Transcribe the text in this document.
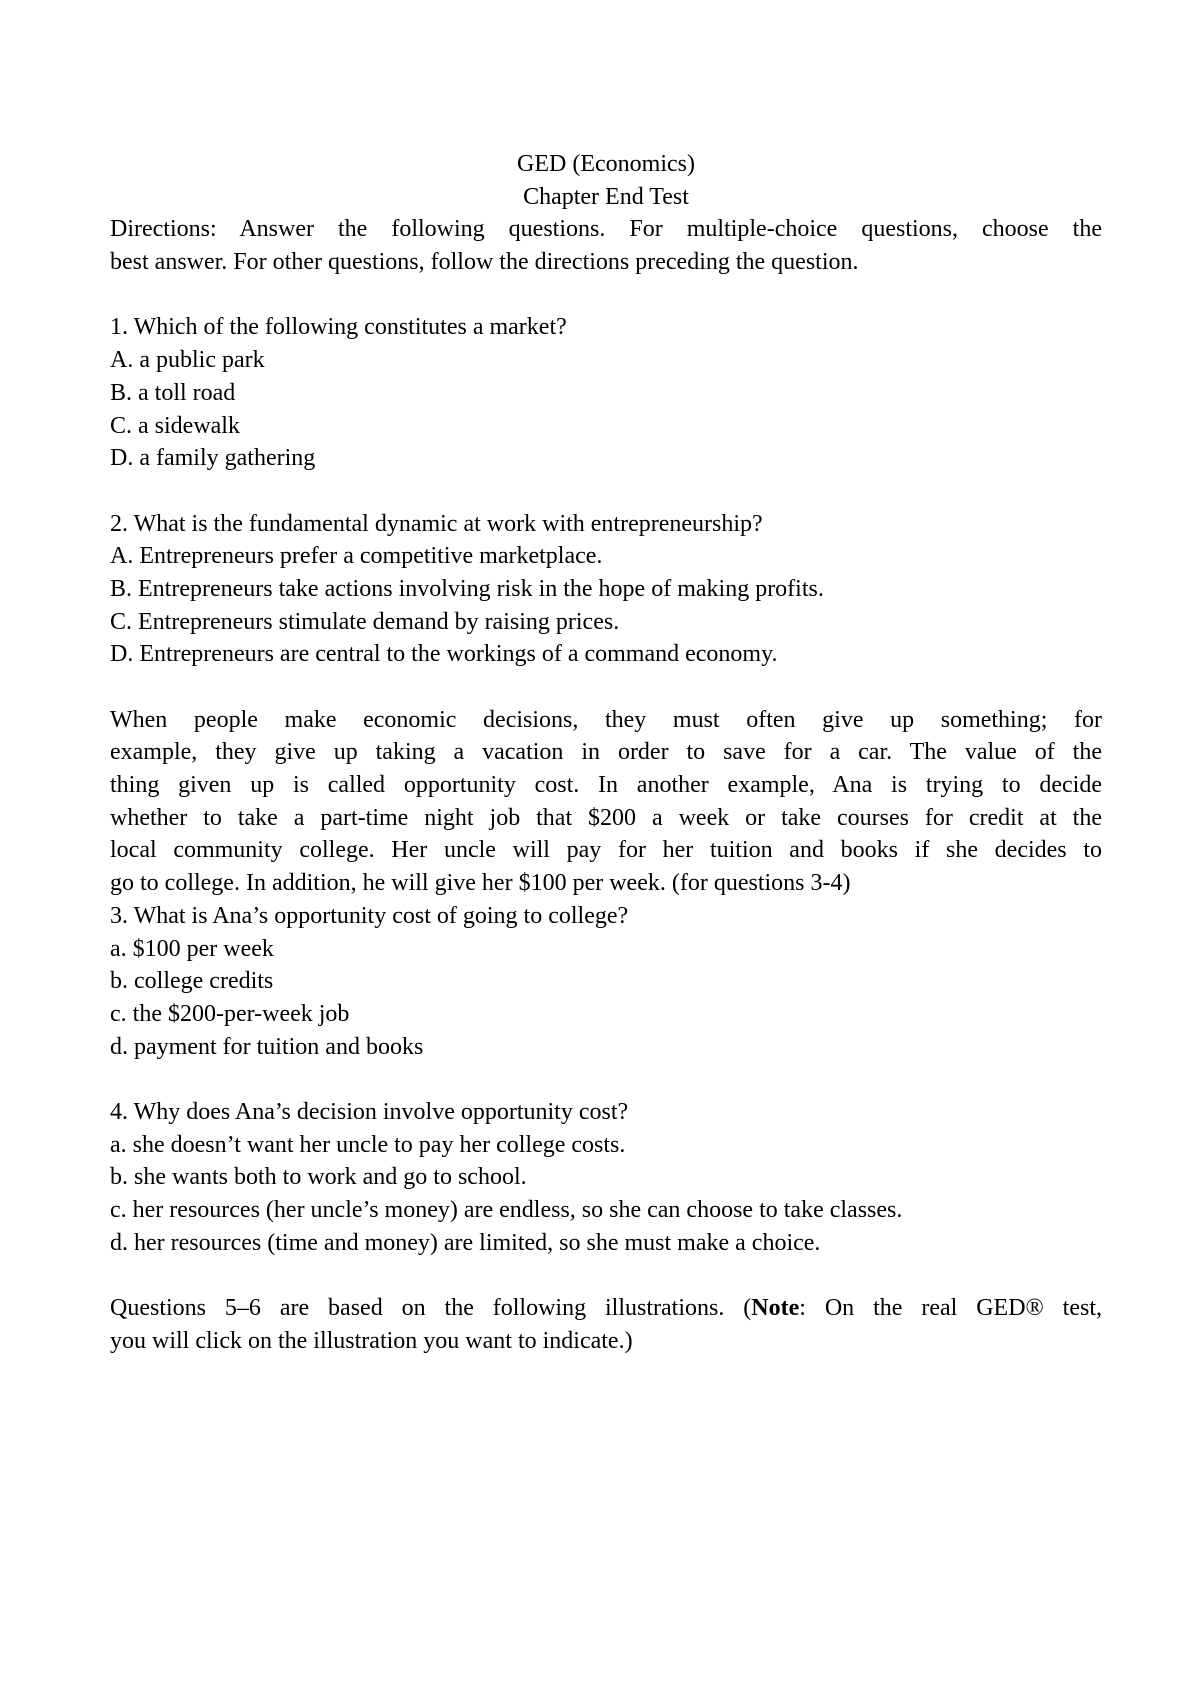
GED (Economics)
Chapter End Test
Directions: Answer the following questions. For multiple-choice questions, choose the
best answer. For other questions, follow the directions preceding the question.
1. Which of the following constitutes a market?
A. a public park
B. a toll road
C. a sidewalk
D. a family gathering
2. What is the fundamental dynamic at work with entrepreneurship?
A. Entrepreneurs prefer a competitive marketplace.
B. Entrepreneurs take actions involving risk in the hope of making profits.
C. Entrepreneurs stimulate demand by raising prices.
D. Entrepreneurs are central to the workings of a command economy.
When people make economic decisions, they must often give up something; for
example, they give up taking a vacation in order to save for a car. The value of the
thing given up is called opportunity cost. In another example, Ana is trying to decide
whether to take a part-time night job that $200 a week or take courses for credit at the
local community college. Her uncle will pay for her tuition and books if she decides to
go to college. In addition, he will give her $100 per week. (for questions 3-4)
3. What is Ana’s opportunity cost of going to college?
a. $100 per week
b. college credits
c. the $200-per-week job
d. payment for tuition and books
4. Why does Ana’s decision involve opportunity cost?
a. she doesn’t want her uncle to pay her college costs.
b. she wants both to work and go to school.
c. her resources (her uncle’s money) are endless, so she can choose to take classes.
d. her resources (time and money) are limited, so she must make a choice.
Questions 5–6 are based on the following illustrations. (Note: On the real GED® test,
you will click on the illustration you want to indicate.)
